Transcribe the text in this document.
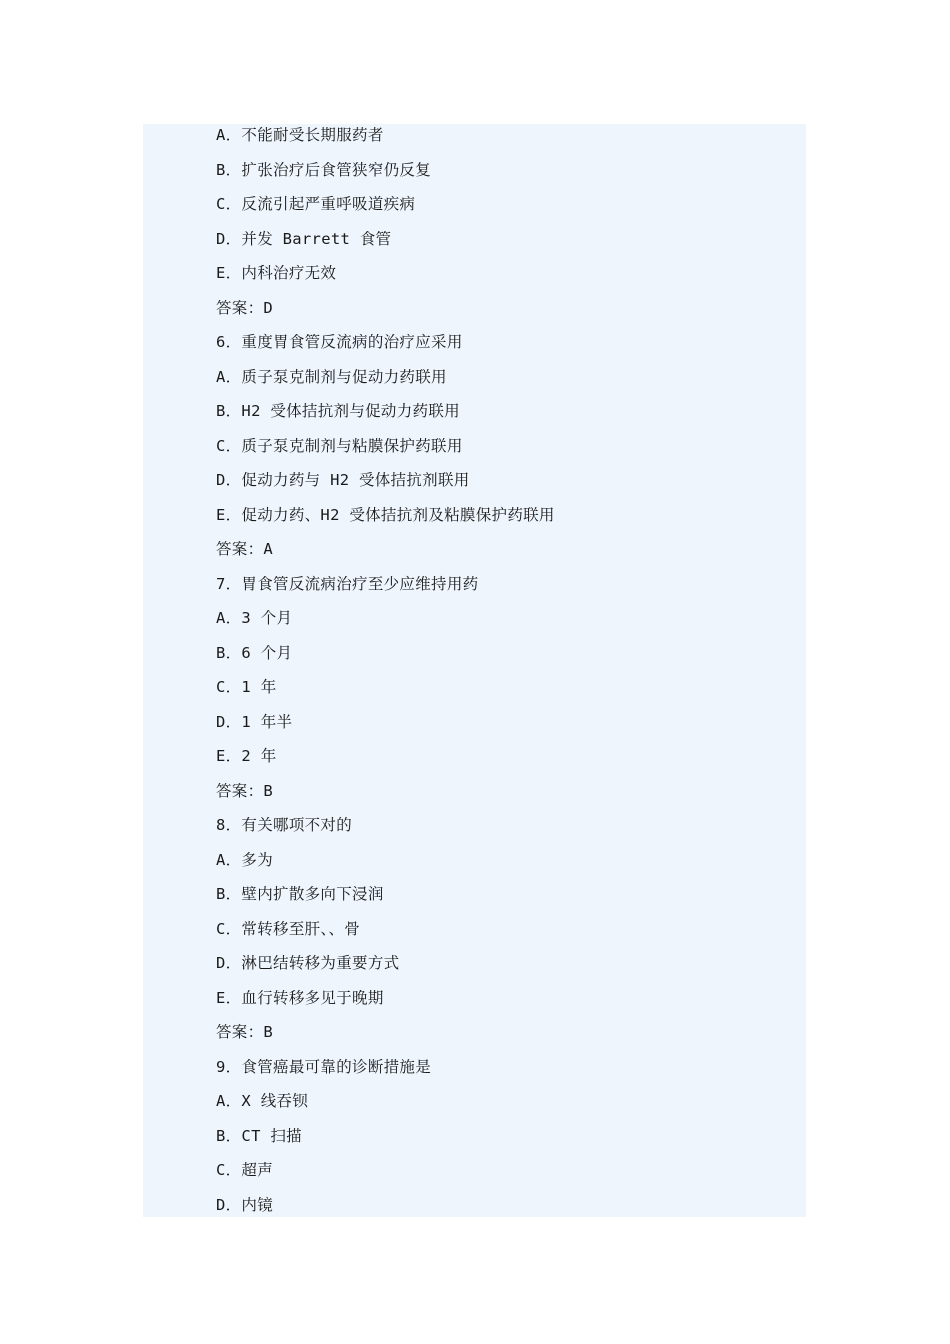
A．不能耐受长期服药者
B．扩张治疗后食管狭窄仍反复
C．反流引起严重呼吸道疾病
D．并发 Barrett 食管
E．内科治疗无效
答案：D
6．重度胃食管反流病的治疗应采用
A．质子泵克制剂与促动力药联用
B．H2 受体拮抗剂与促动力药联用
C．质子泵克制剂与粘膜保护药联用
D．促动力药与 H2 受体拮抗剂联用
E．促动力药、H2 受体拮抗剂及粘膜保护药联用
答案：A
7．胃食管反流病治疗至少应维持用药
A．3 个月
B．6 个月
C．1 年
D．1 年半
E．2 年
答案：B
8．有关哪项不对的
A．多为
B．壁内扩散多向下浸润
C．常转移至肝、、骨
D．淋巴结转移为重要方式
E．血行转移多见于晚期
答案：B
9．食管癌最可靠的诊断措施是
A．X 线吞钡
B．CT 扫描
C．超声
D．内镜
